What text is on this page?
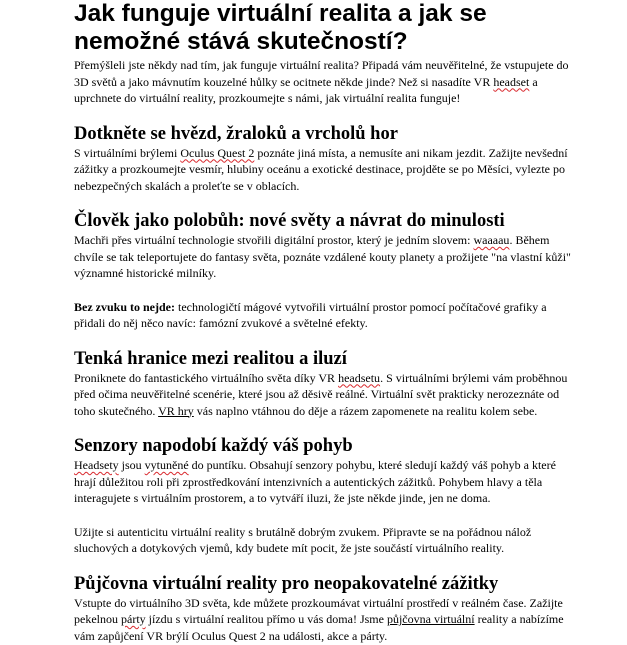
Jak funguje virtuální realita a jak se nemožné stává skutečností?

Přemýšleli jste někdy nad tím, jak funguje virtuální realita? Připadá vám neuvěřitelné, že vstupujete do 3D světů a jako mávnutím kouzelné hůlky se ocitnete někde jinde? Než si nasadíte VR headset a uprchnete do virtuální reality, prozkoumejte s námi, jak virtuální realita funguje!

Dotkněte se hvězd, žraloků a vrcholů hor

S virtuálními brýlemi Oculus Quest 2 poznáte jiná místa, a nemusíte ani nikam jezdit. Zažijte nevšední zážitky a prozkoumejte vesmír, hlubiny oceánu a exotické destinace, projděte se po Měsíci, vylezte po nebezpečných skalách a proleťte se v oblacích.

Člověk jako polobůh: nové světy a návrat do minulosti

Machři přes virtuální technologie stvořili digitální prostor, který je jedním slovem: waaaau. Během chvíle se tak teleportujete do fantasy světa, poznáte vzdálené kouty planety a prožijete "na vlastní kůži" významné historické milníky.

Bez zvuku to nejde: technologičtí mágové vytvořili virtuální prostor pomocí počítačové grafiky a přidali do něj něco navíc: famózní zvukové a světelné efekty.

Tenká hranice mezi realitou a iluzí

Proniknete do fantastického virtuálního světa díky VR headsetu. S virtuálními brýlemi vám proběhnou před očima neuvěřitelné scenérie, které jsou až děsivě reálné. Virtuální svět prakticky nerozeznáte od toho skutečného. VR hry vás naplno vtáhnou do děje a rázem zapomenete na realitu kolem sebe.

Senzory napodobí každý váš pohyb

Headsety jsou vytuněné do puntíku. Obsahují senzory pohybu, které sledují každý váš pohyb a které hrají důležitou roli při zprostředkování intenzivních a autentických zážitků. Pohybem hlavy a těla interagujete s virtuálním prostorem, a to vytváří iluzi, že jste někde jinde, jen ne doma.

Užijte si autenticitu virtuální reality s brutálně dobrým zvukem. Připravte se na pořádnou nálož sluchových a dotykových vjemů, kdy budete mít pocit, že jste součástí virtuálního reality.

Půjčovna virtuální reality pro neopakovatelné zážitky

Vstupte do virtuálního 3D světa, kde můžete prozkoumávat virtuální prostředí v reálném čase. Zažijte pekelnou párty jízdu s virtuální realitou přímo u vás doma! Jsme půjčovna virtuální reality a nabízíme vám zapůjčení VR brýlí Oculus Quest 2 na události, akce a párty.
